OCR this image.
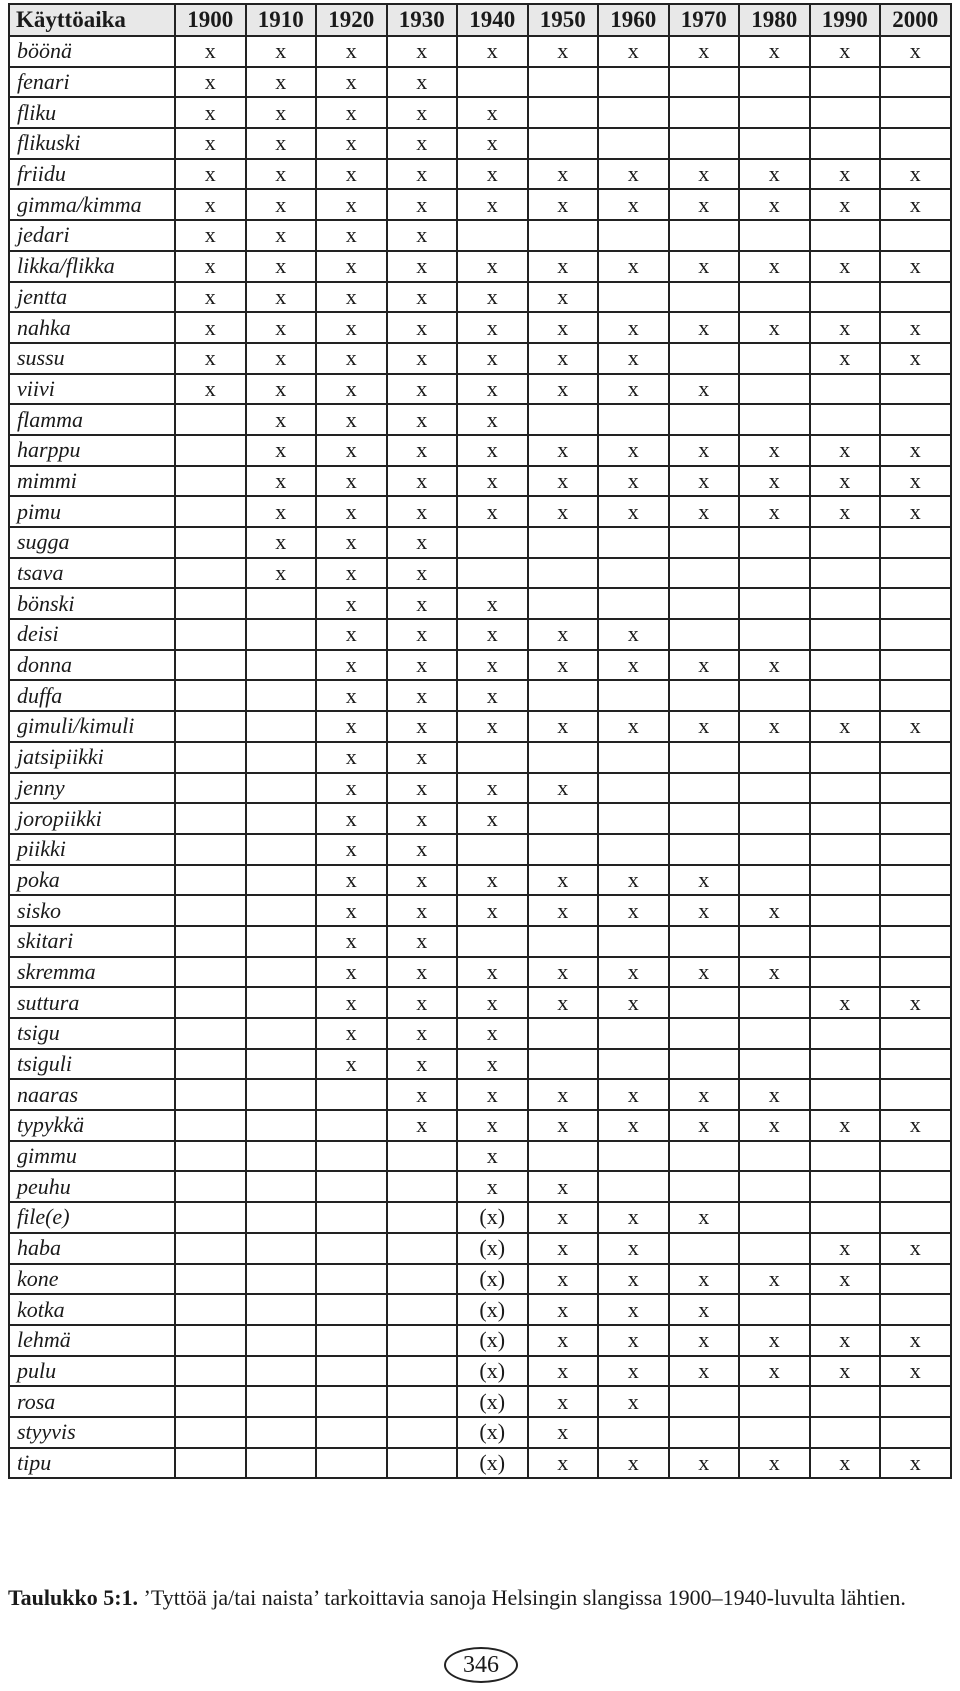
Käyttöaika	1900	1910	1920	1930	1940	1950	1960	1970	1980	1990	2000
böönä	x	x	x	x	x	x	x	x	x	x	x
fenari	x	x	x	x							
fliku	x	x	x	x	x						
flikuski	x	x	x	x	x						
friidu	x	x	x	x	x	x	x	x	x	x	x
gimma/kimma	x	x	x	x	x	x	x	x	x	x	x
jedari	x	x	x	x							
likka/flikka	x	x	x	x	x	x	x	x	x	x	x
jentta	x	x	x	x	x	x					
nahka	x	x	x	x	x	x	x	x	x	x	x
sussu	x	x	x	x	x	x	x			x	x
viivi	x	x	x	x	x	x	x	x			
flamma		x	x	x	x						
harppu		x	x	x	x	x	x	x	x	x	x
mimmi		x	x	x	x	x	x	x	x	x	x
pimu		x	x	x	x	x	x	x	x	x	x
sugga		x	x	x							
tsava		x	x	x							
bönski			x	x	x						
deisi			x	x	x	x	x				
donna			x	x	x	x	x	x	x		
duffa			x	x	x						
gimuli/kimuli			x	x	x	x	x	x	x	x	x
jatsipiikki			x	x							
jenny			x	x	x	x					
joropiikki			x	x	x						
piikki			x	x							
poka			x	x	x	x	x	x			
sisko			x	x	x	x	x	x	x		
skitari			x	x							
skremma			x	x	x	x	x	x	x		
suttura			x	x	x	x	x			x	x
tsigu			x	x	x						
tsiguli			x	x	x						
naaras				x	x	x	x	x	x		
typykkä				x	x	x	x	x	x	x	x
gimmu					x						
peuhu					x	x					
file(e)					(x)	x	x	x			
haba					(x)	x	x			x	x
kone					(x)	x	x	x	x	x	
kotka					(x)	x	x	x			
lehmä					(x)	x	x	x	x	x	x
pulu					(x)	x	x	x	x	x	x
rosa					(x)	x	x				
styyvis					(x)	x					
tipu					(x)	x	x	x	x	x	x
Taulukko 5:1. ’Tyttöä ja/tai naista’ tarkoittavia sanoja Helsingin slangissa 1900–1940-luvulta lähtien.
346
